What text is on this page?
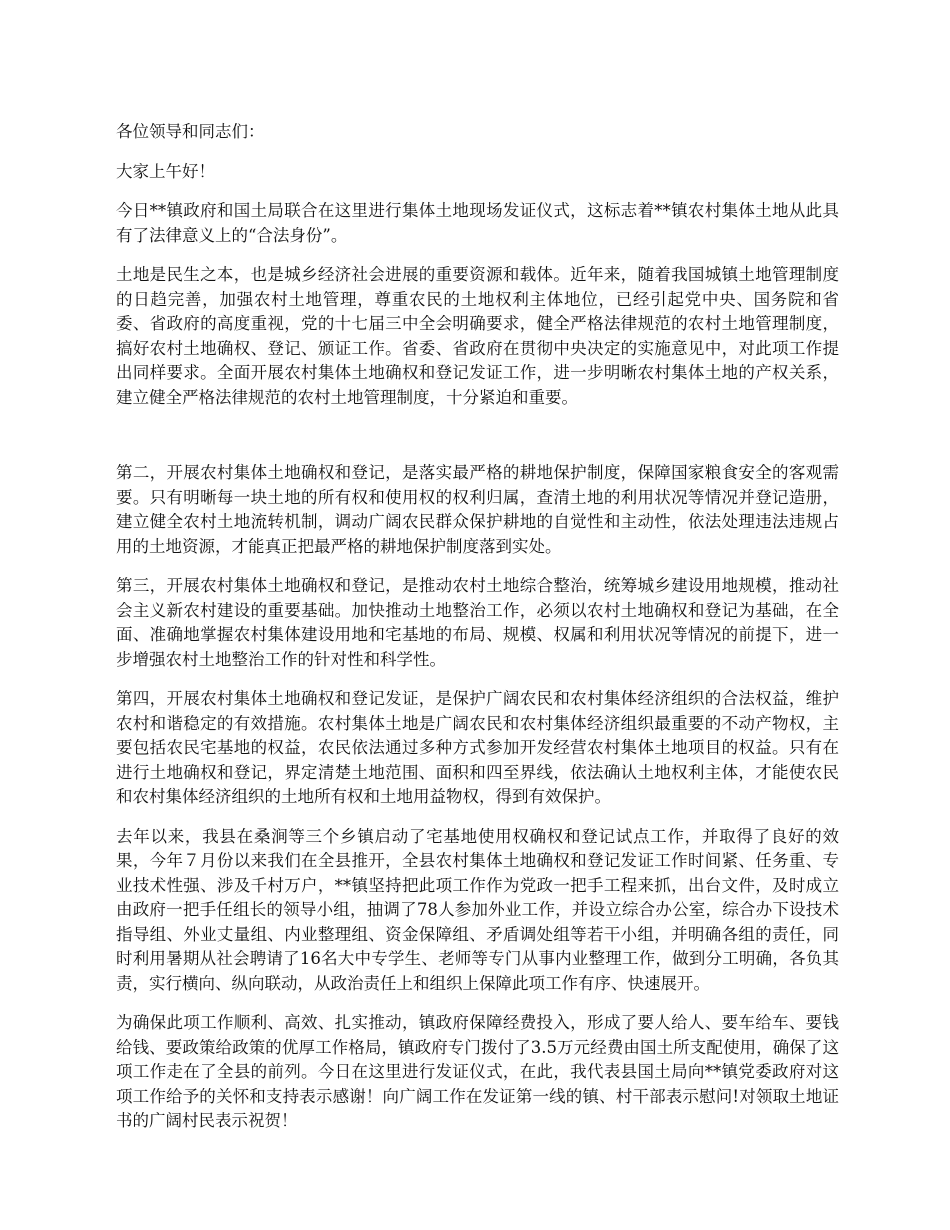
各位领导和同志们：

大家上午好！

今日**镇政府和国土局联合在这里进行集体土地现场发证仪式，这标志着**镇农村集体土地从此具有了法律意义上的“合法身份”。

土地是民生之本，也是城乡经济社会进展的重要资源和载体。近年来，随着我国城镇土地管理制度的日趋完善，加强农村土地管理，尊重农民的土地权利主体地位，已经引起党中央、国务院和省委、省政府的高度重视，党的十七届三中全会明确要求，健全严格法律规范的农村土地管理制度，搞好农村土地确权、登记、颁证工作。省委、省政府在贯彻中央决定的实施意见中，对此项工作提出同样要求。全面开展农村集体土地确权和登记发证工作，进一步明晰农村集体土地的产权关系，建立健全严格法律规范的农村土地管理制度，十分紧迫和重要。

第二，开展农村集体土地确权和登记，是落实最严格的耕地保护制度，保障国家粮食安全的客观需要。只有明晰每一块土地的所有权和使用权的权利归属，查清土地的利用状况等情况并登记造册，建立健全农村土地流转机制，调动广阔农民群众保护耕地的自觉性和主动性，依法处理违法违规占用的土地资源，才能真正把最严格的耕地保护制度落到实处。

第三，开展农村集体土地确权和登记，是推动农村土地综合整治，统筹城乡建设用地规模，推动社会主义新农村建设的重要基础。加快推动土地整治工作，必须以农村土地确权和登记为基础，在全面、准确地掌握农村集体建设用地和宅基地的布局、规模、权属和利用状况等情况的前提下，进一步增强农村土地整治工作的针对性和科学性。

第四，开展农村集体土地确权和登记发证，是保护广阔农民和农村集体经济组织的合法权益，维护农村和谐稳定的有效措施。农村集体土地是广阔农民和农村集体经济组织最重要的不动产物权，主要包括农民宅基地的权益，农民依法通过多种方式参加开发经营农村集体土地项目的权益。只有在进行土地确权和登记，界定清楚土地范围、面积和四至界线，依法确认土地权利主体，才能使农民和农村集体经济组织的土地所有权和土地用益物权，得到有效保护。

去年以来，我县在桑涧等三个乡镇启动了宅基地使用权确权和登记试点工作，并取得了良好的效果，今年７月份以来我们在全县推开，全县农村集体土地确权和登记发证工作时间紧、任务重、专业技术性强、涉及千村万户，**镇坚持把此项工作作为党政一把手工程来抓，出台文件，及时成立由政府一把手任组长的领导小组，抽调了78人参加外业工作，并设立综合办公室，综合办下设技术指导组、外业丈量组、内业整理组、资金保障组、矛盾调处组等若干小组，并明确各组的责任，同时利用暑期从社会聘请了16名大中专学生、老师等专门从事内业整理工作，做到分工明确，各负其责，实行横向、纵向联动，从政治责任上和组织上保障此项工作有序、快速展开。

为确保此项工作顺利、高效、扎实推动，镇政府保障经费投入，形成了要人给人、要车给车、要钱给钱、要政策给政策的优厚工作格局，镇政府专门拨付了3.5万元经费由国土所支配使用，确保了这项工作走在了全县的前列。今日在这里进行发证仪式，在此，我代表县国土局向**镇党委政府对这项工作给予的关怀和支持表示感谢！向广阔工作在发证第一线的镇、村干部表示慰问!对领取土地证书的广阔村民表示祝贺！
